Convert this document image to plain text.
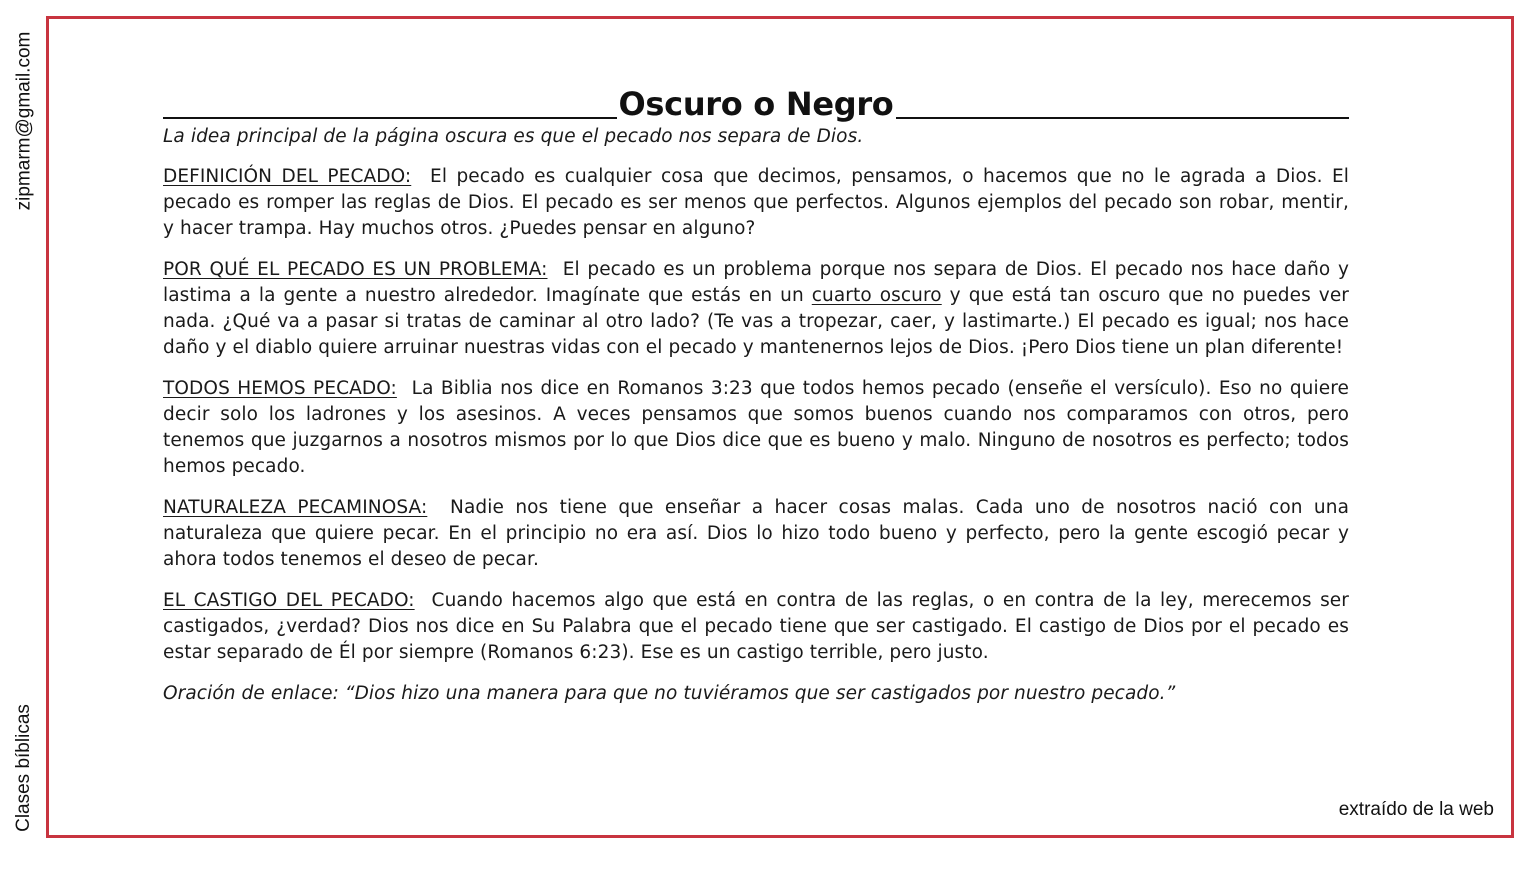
zipmarm@gmail.com
Clases bíblicas
Oscuro o Negro

La idea principal de la página oscura es que el pecado nos separa de Dios.

DEFINICIÓN DEL PECADO: El pecado es cualquier cosa que decimos, pensamos, o hacemos que no le agrada a Dios. El pecado es romper las reglas de Dios. El pecado es ser menos que perfectos. Algunos ejemplos del pecado son robar, mentir, y hacer trampa. Hay muchos otros. ¿Puedes pensar en alguno?

POR QUÉ EL PECADO ES UN PROBLEMA: El pecado es un problema porque nos separa de Dios. El pecado nos hace daño y lastima a la gente a nuestro alrededor. Imagínate que estás en un cuarto oscuro y que está tan oscuro que no puedes ver nada. ¿Qué va a pasar si tratas de caminar al otro lado? (Te vas a tropezar, caer, y lastimarte.) El pecado es igual; nos hace daño y el diablo quiere arruinar nuestras vidas con el pecado y mantenernos lejos de Dios. ¡Pero Dios tiene un plan diferente!

TODOS HEMOS PECADO: La Biblia nos dice en Romanos 3:23 que todos hemos pecado (enseñe el versículo). Eso no quiere decir solo los ladrones y los asesinos. A veces pensamos que somos buenos cuando nos comparamos con otros, pero tenemos que juzgarnos a nosotros mismos por lo que Dios dice que es bueno y malo. Ninguno de nosotros es perfecto; todos hemos pecado.

NATURALEZA PECAMINOSA: Nadie nos tiene que enseñar a hacer cosas malas. Cada uno de nosotros nació con una naturaleza que quiere pecar. En el principio no era así. Dios lo hizo todo bueno y perfecto, pero la gente escogió pecar y ahora todos tenemos el deseo de pecar.

EL CASTIGO DEL PECADO: Cuando hacemos algo que está en contra de las reglas, o en contra de la ley, merecemos ser castigados, ¿verdad? Dios nos dice en Su Palabra que el pecado tiene que ser castigado. El castigo de Dios por el pecado es estar separado de Él por siempre (Romanos 6:23). Ese es un castigo terrible, pero justo.

Oración de enlace: “Dios hizo una manera para que no tuviéramos que ser castigados por nuestro pecado.”

extraído de la web
